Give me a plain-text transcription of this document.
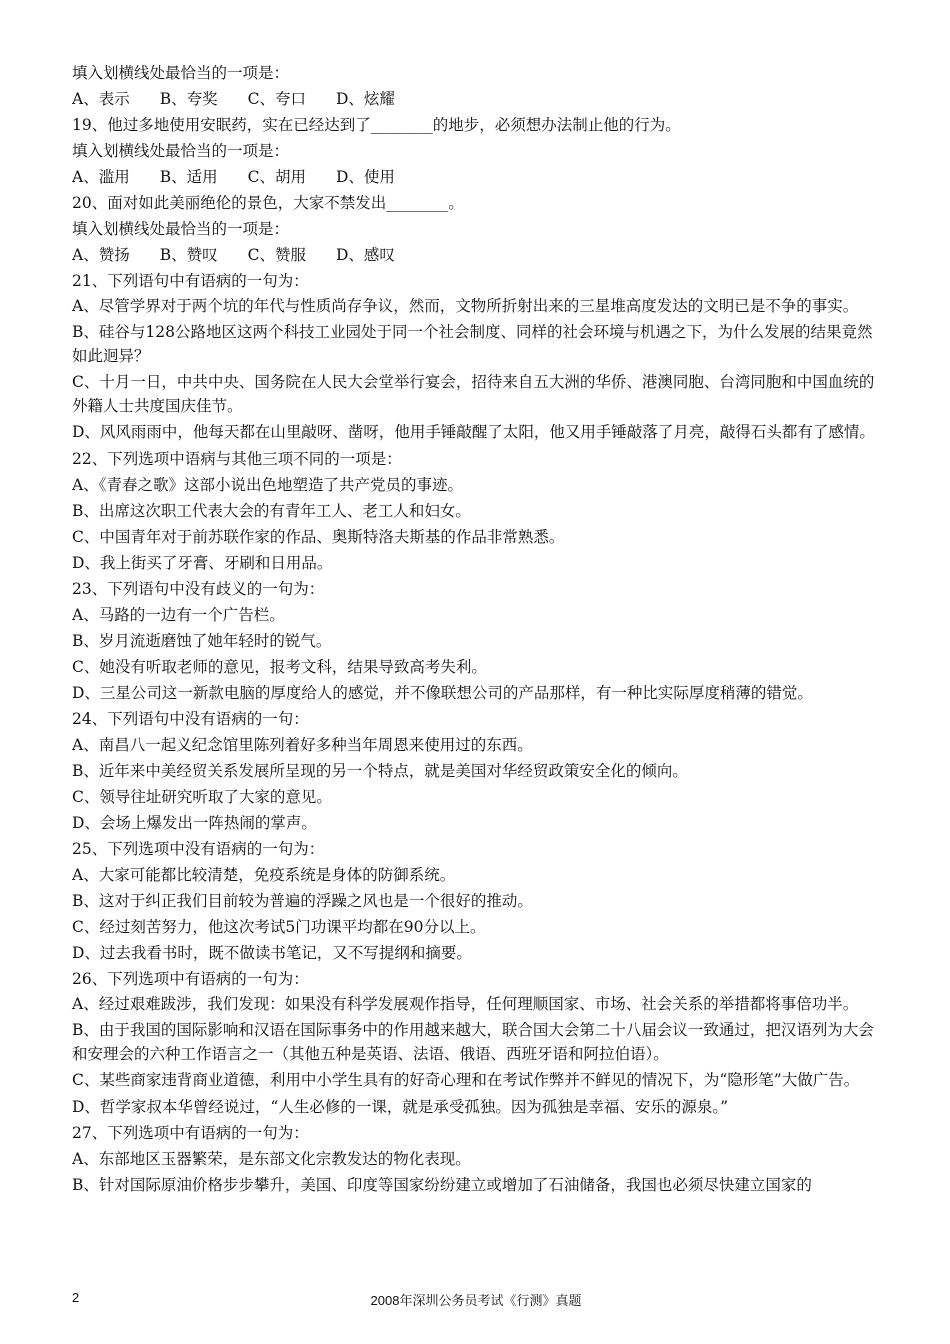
填入划横线处最恰当的一项是：
A、表示 B、夸奖 C、夸口 D、炫耀
19、他过多地使用安眠药，实在已经达到了________的地步，必须想办法制止他的行为。
填入划横线处最恰当的一项是：
A、滥用 B、适用 C、胡用 D、使用
20、面对如此美丽绝伦的景色，大家不禁发出________。
填入划横线处最恰当的一项是：
A、赞扬 B、赞叹 C、赞服 D、感叹
21、下列语句中有语病的一句为：
A、尽管学界对于两个坑的年代与性质尚存争议，然而，文物所折射出来的三星堆高度发达的文明已是不争的事实。
B、硅谷与128公路地区这两个科技工业园处于同一个社会制度、同样的社会环境与机遇之下，为什么发展的结果竟然如此迥异？
C、十月一日，中共中央、国务院在人民大会堂举行宴会，招待来自五大洲的华侨、港澳同胞、台湾同胞和中国血统的外籍人士共度国庆佳节。
D、风风雨雨中，他每天都在山里敲呀、凿呀，他用手锤敲醒了太阳，他又用手锤敲落了月亮，敲得石头都有了感情。
22、下列选项中语病与其他三项不同的一项是：
A、《青春之歌》这部小说出色地塑造了共产党员的事迹。
B、出席这次职工代表大会的有青年工人、老工人和妇女。
C、中国青年对于前苏联作家的作品、奥斯特洛夫斯基的作品非常熟悉。
D、我上街买了牙膏、牙刷和日用品。
23、下列语句中没有歧义的一句为：
A、马路的一边有一个广告栏。
B、岁月流逝磨蚀了她年轻时的锐气。
C、她没有听取老师的意见，报考文科，结果导致高考失利。
D、三星公司这一新款电脑的厚度给人的感觉，并不像联想公司的产品那样，有一种比实际厚度稍薄的错觉。
24、下列语句中没有语病的一句：
A、南昌八一起义纪念馆里陈列着好多种当年周恩来使用过的东西。
B、近年来中美经贸关系发展所呈现的另一个特点，就是美国对华经贸政策安全化的倾向。
C、领导往址研究听取了大家的意见。
D、会场上爆发出一阵热闹的掌声。
25、下列选项中没有语病的一句为：
A、大家可能都比较清楚，免疫系统是身体的防御系统。
B、这对于纠正我们目前较为普遍的浮躁之风也是一个很好的推动。
C、经过刻苦努力，他这次考试5门功课平均都在90分以上。
D、过去我看书时，既不做读书笔记，又不写提纲和摘要。
26、下列选项中有语病的一句为：
A、经过艰难跋涉，我们发现：如果没有科学发展观作指导，任何理顺国家、市场、社会关系的举措都将事倍功半。
B、由于我国的国际影响和汉语在国际事务中的作用越来越大，联合国大会第二十八届会议一致通过，把汉语列为大会和安理会的六种工作语言之一（其他五种是英语、法语、俄语、西班牙语和阿拉伯语）。
C、某些商家违背商业道德，利用中小学生具有的好奇心理和在考试作弊并不鲜见的情况下，为“隐形笔”大做广告。
D、哲学家叔本华曾经说过，“人生必修的一课，就是承受孤独。因为孤独是幸福、安乐的源泉。”
27、下列选项中有语病的一句为：
A、东部地区玉器繁荣，是东部文化宗教发达的物化表现。
B、针对国际原油价格步步攀升，美国、印度等国家纷纷建立或增加了石油储备，我国也必须尽快建立国家的
2	2008年深圳公务员考试《行测》真题
